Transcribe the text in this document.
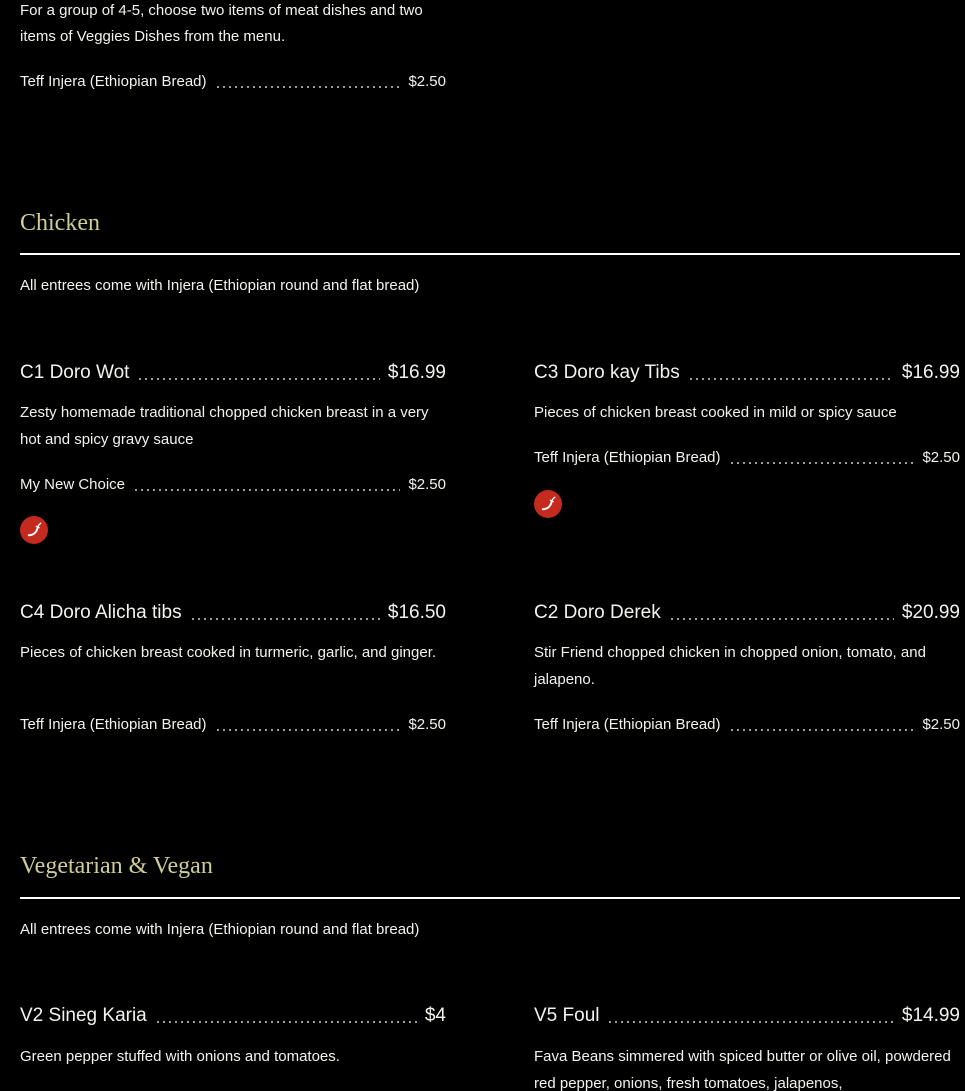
For a group of 4-5, choose two items of meat dishes and two items of Veggies Dishes from the menu.
Teff Injera (Ethiopian Bread)	$2.50
Chicken
All entrees come with Injera (Ethiopian round and flat bread)
C1 Doro Wot	$16.99
Zesty homemade traditional chopped chicken breast in a very hot and spicy gravy sauce
My New Choice	$2.50
C3 Doro kay Tibs	$16.99
Pieces of chicken breast cooked in mild or spicy sauce
Teff Injera (Ethiopian Bread)	$2.50
C4 Doro Alicha tibs	$16.50
Pieces of chicken breast cooked in turmeric, garlic, and ginger.
Teff Injera (Ethiopian Bread)	$2.50
C2 Doro Derek	$20.99
Stir Friend chopped chicken in chopped onion, tomato, and jalapeno.
Teff Injera (Ethiopian Bread)	$2.50
Vegetarian & Vegan
All entrees come with Injera (Ethiopian round and flat bread)
V2 Sineg Karia	$4
Green pepper stuffed with onions and tomatoes.
V5 Foul	$14.99
Fava Beans simmered with spiced butter or olive oil, powdered red pepper, onions, fresh tomatoes, jalapenos,
